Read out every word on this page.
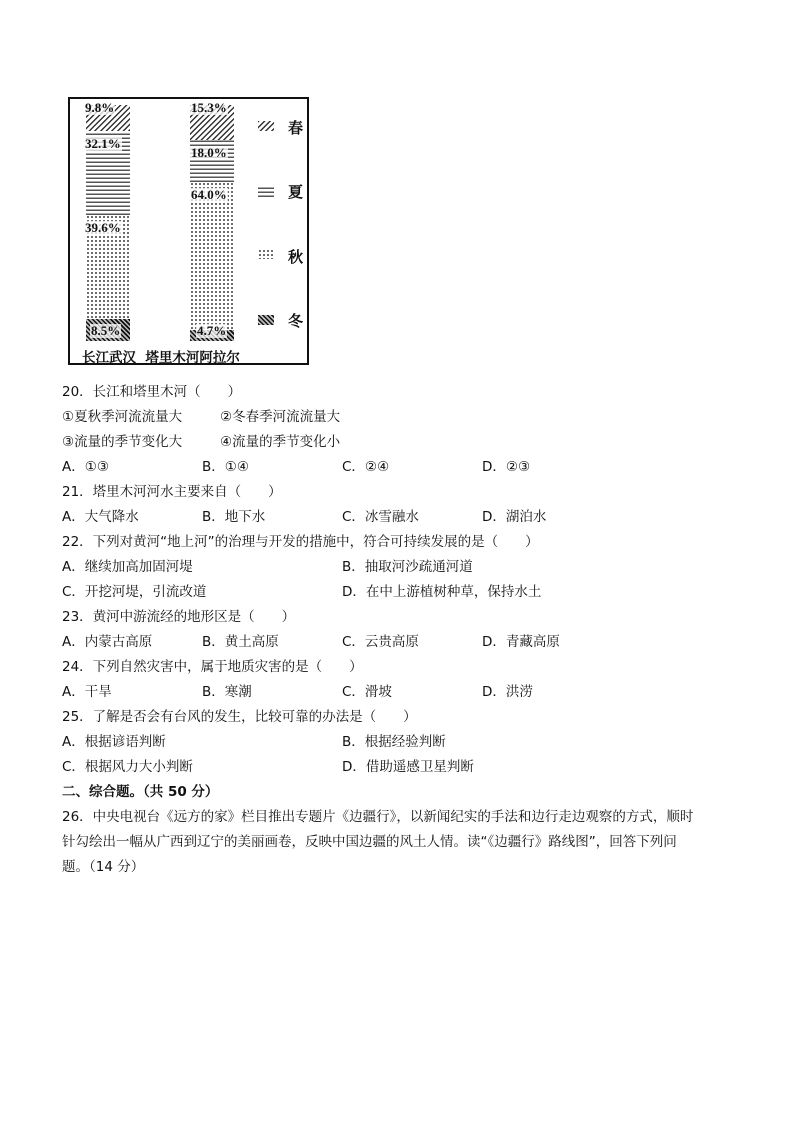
9.8%
32.1%
39.6%
8.5%
15.3%
18.0%
64.0%
4.7%
春
夏
秋
冬
长江武汉 塔里木河阿拉尔
20．长江和塔里木河（　　）
①夏秋季河流流量大	②冬春季河流流量大
③流量的季节变化大	④流量的季节变化小
A．①③	B．①④	C．②④	D．②③
21．塔里木河河水主要来自（　　）
A．大气降水	B．地下水	C．冰雪融水	D．湖泊水
22．下列对黄河“地上河”的治理与开发的措施中，符合可持续发展的是（　　）
A．继续加高加固河堤	B．抽取河沙疏通河道
C．开挖河堤，引流改道	D．在中上游植树种草，保持水土
23．黄河中游流经的地形区是（　　）
A．内蒙古高原	B．黄土高原	C．云贵高原	D．青藏高原
24．下列自然灾害中，属于地质灾害的是（　　）
A．干旱	B．寒潮	C．滑坡	D．洪涝
25．了解是否会有台风的发生，比较可靠的办法是（　　）
A．根据谚语判断	B．根据经验判断
C．根据风力大小判断	D．借助遥感卫星判断
二、综合题。（共 50 分）
26．中央电视台《远方的家》栏目推出专题片《边疆行》，以新闻纪实的手法和边行走边观察的方式，顺时
针勾绘出一幅从广西到辽宁的美丽画卷，反映中国边疆的风土人情。读“《边疆行》路线图”，回答下列问
题。（14 分）
